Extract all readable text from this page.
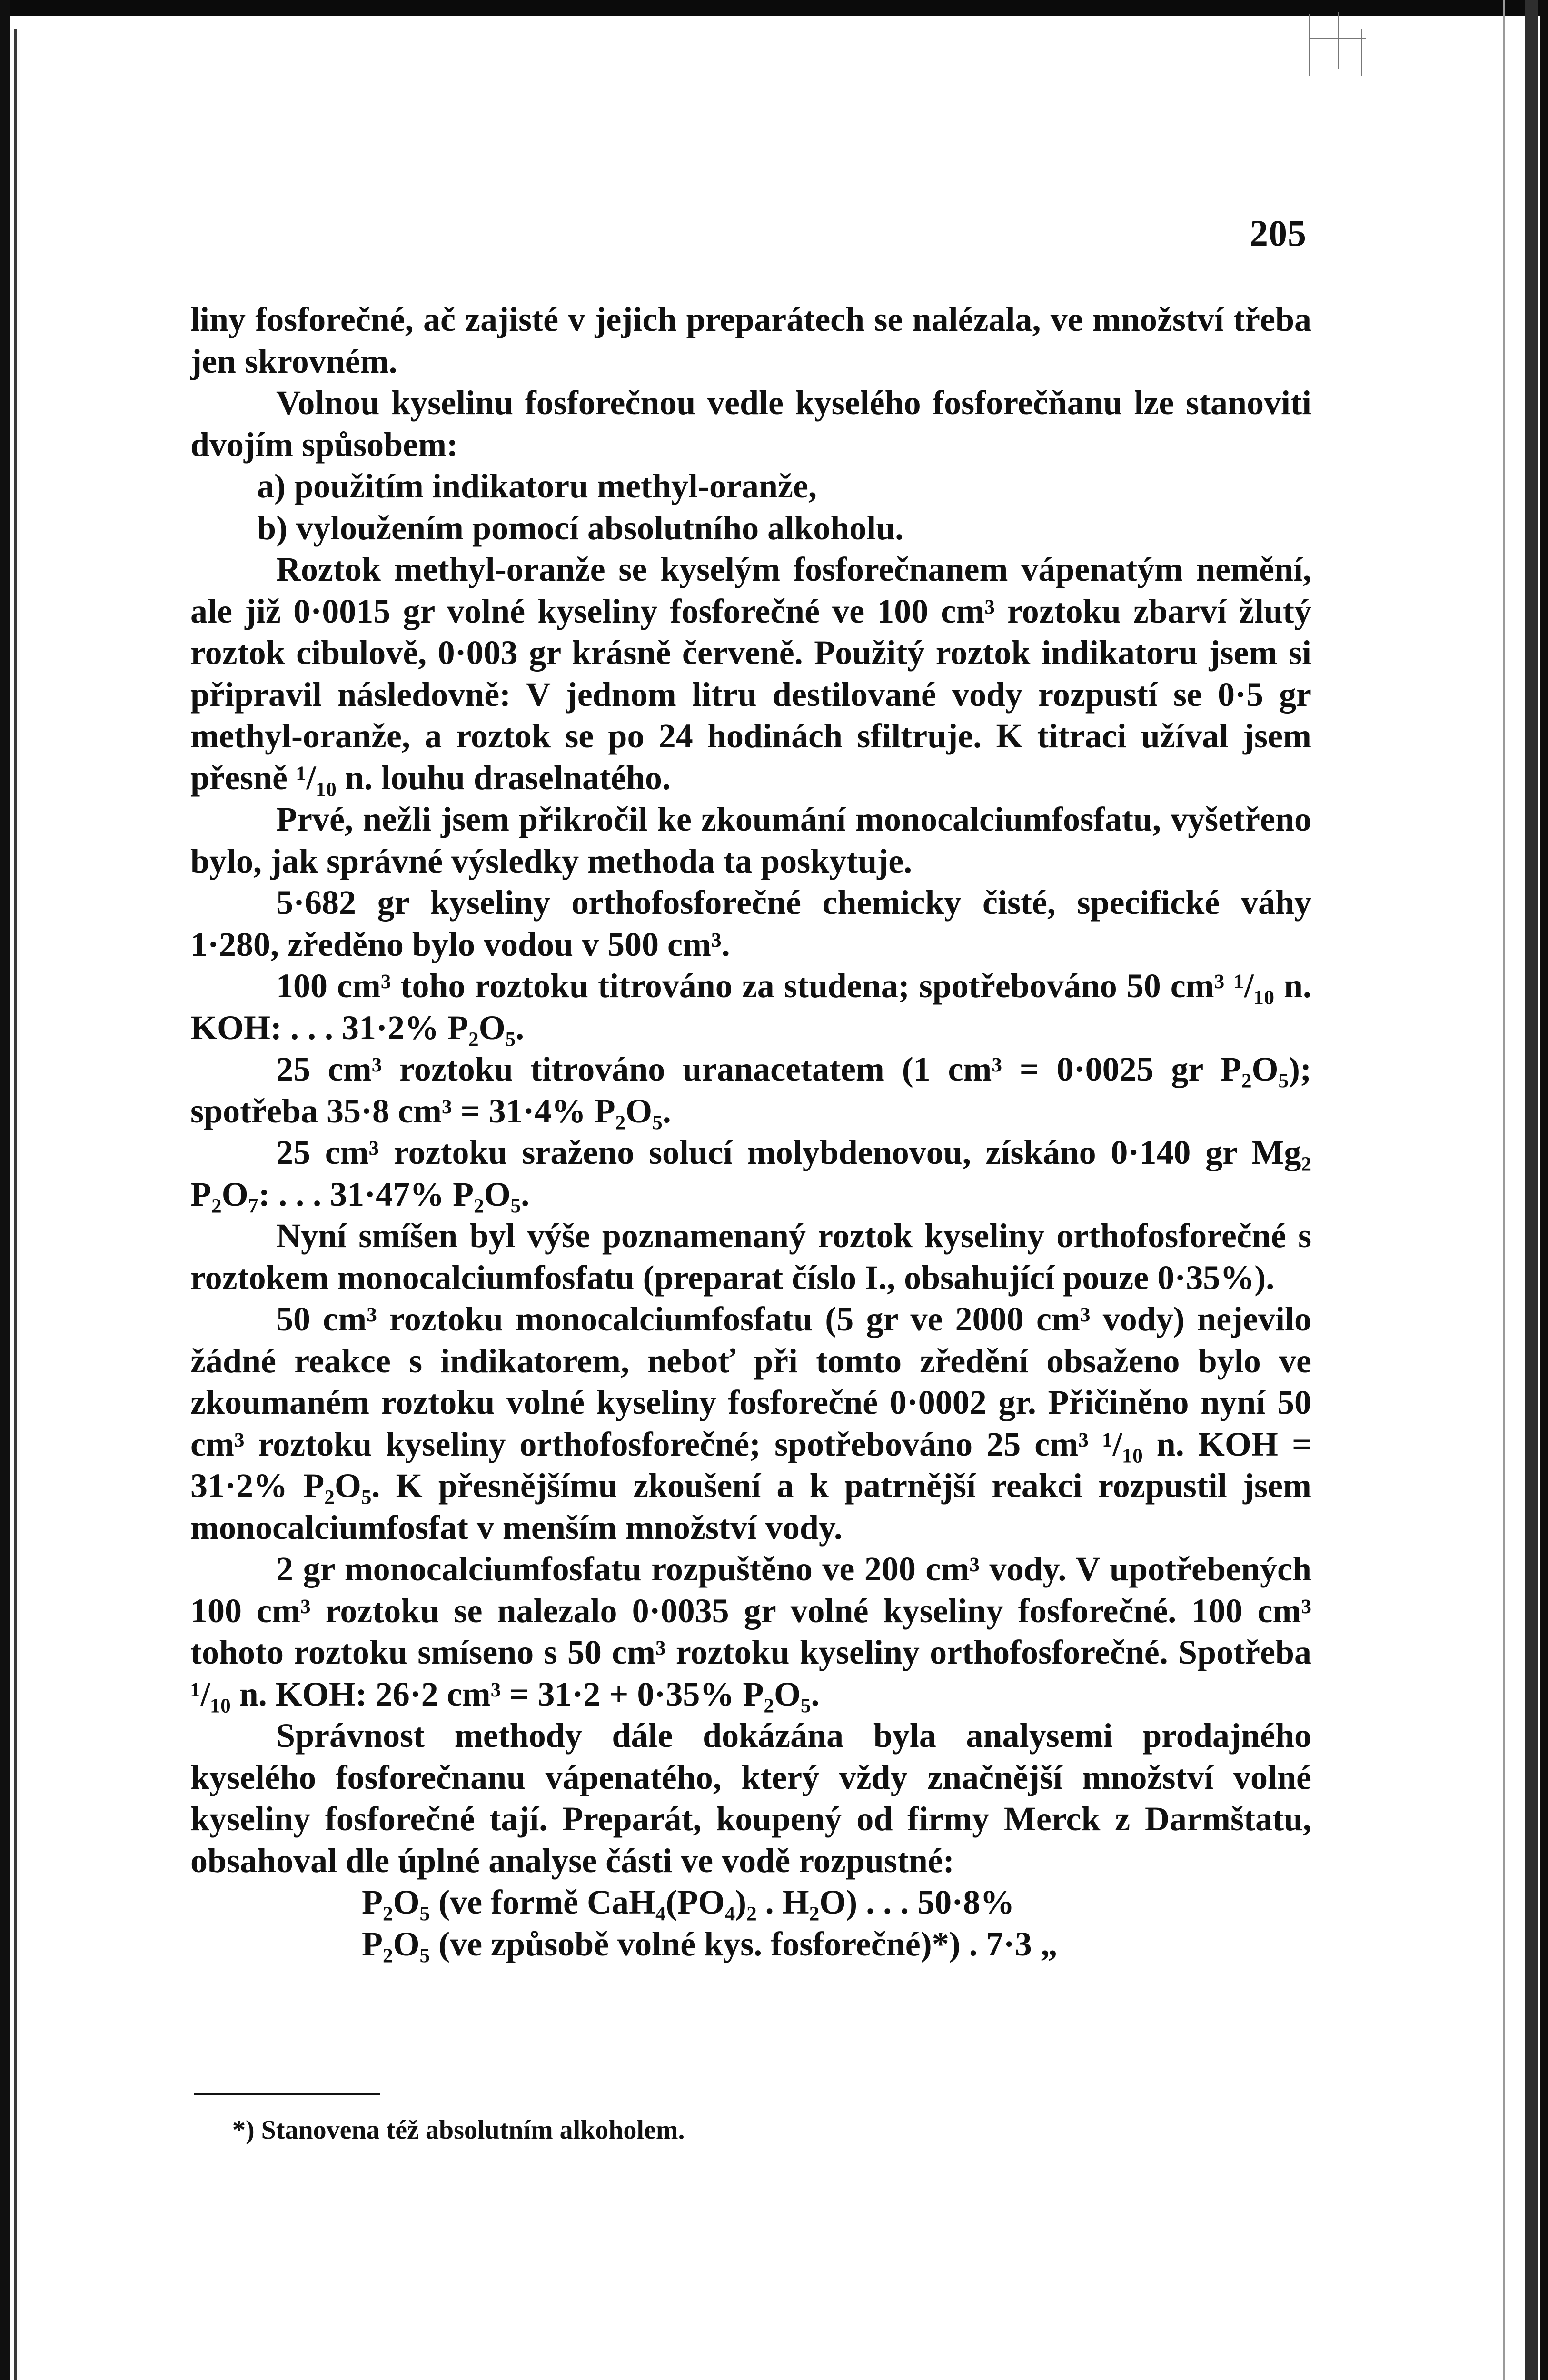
205

liny fosforečné, ač zajisté v jejich preparátech se nalézala, ve množství třeba jen skrovném.

Volnou kyselinu fosforečnou vedle kyselého fosforečňanu lze stanoviti dvojím spůsobem:

a) použitím indikatoru methyl-oranže,

b) vyloužením pomocí absolutního alkoholu.

Roztok methyl-oranže se kyselým fosforečnanem vápenatým nemění, ale již 0·0015 gr volné kyseliny fosforečné ve 100 cm³ roztoku zbarví žlutý roztok cibulově, 0·003 gr krásně červeně. Použitý roztok indikatoru jsem si připravil následovně: V jednom litru destilované vody rozpustí se 0·5 gr methyl-oranže, a roztok se po 24 hodinách sfiltruje. K titraci užíval jsem přesně ¹/₁₀ n. louhu draselnatého.

Prvé, nežli jsem přikročil ke zkoumání monocalciumfosfatu, vyšetřeno bylo, jak správné výsledky methoda ta poskytuje.

5·682 gr kyseliny orthofosforečné chemicky čisté, specifické váhy 1·280, zředěno bylo vodou v 500 cm³.

100 cm³ toho roztoku titrováno za studena; spotřebováno 50 cm³ ¹/₁₀ n. KOH: . . . 31·2% P₂O₅.

25 cm³ roztoku titrováno uranacetatem (1 cm³ = 0·0025 gr P₂O₅); spotřeba 35·8 cm³ = 31·4% P₂O₅.

25 cm³ roztoku sraženo solucí molybdenovou, získáno 0·140 gr Mg₂ P₂O₇: . . . 31·47% P₂O₅.

Nyní smíšen byl výše poznamenaný roztok kyseliny orthofosforečné s roztokem monocalciumfosfatu (preparat číslo I., obsahující pouze 0·35%).

50 cm³ roztoku monocalciumfosfatu (5 gr ve 2000 cm³ vody) nejevilo žádné reakce s indikatorem, neboť při tomto zředění obsaženo bylo ve zkoumaném roztoku volné kyseliny fosforečné 0·0002 gr. Přičiněno nyní 50 cm³ roztoku kyseliny orthofosforečné; spotřebováno 25 cm³ ¹/₁₀ n. KOH = 31·2% P₂O₅. K přesnějšímu zkoušení a k patrnější reakci rozpustil jsem monocalciumfosfat v menším množství vody.

2 gr monocalciumfosfatu rozpuštěno ve 200 cm³ vody. V upotřebených 100 cm³ roztoku se nalezalo 0·0035 gr volné kyseliny fosforečné. 100 cm³ tohoto roztoku smíseno s 50 cm³ roztoku kyseliny orthofosforečné. Spotřeba ¹/₁₀ n. KOH: 26·2 cm³ = 31·2 + 0·35% P₂O₅.

Správnost methody dále dokázána byla analysemi prodajného kyselého fosforečnanu vápenatého, který vždy značnější množství volné kyseliny fosforečné tají. Preparát, koupený od firmy Merck z Darmštatu, obsahoval dle úplné analyse části ve vodě rozpustné:

P₂O₅ (ve formě CaH₄(PO₄)₂ . H₂O) . . . 50·8%

P₂O₅ (ve způsobě volné kys. fosforečné)*) . 7·3 „

*) Stanovena též absolutním alkoholem.
